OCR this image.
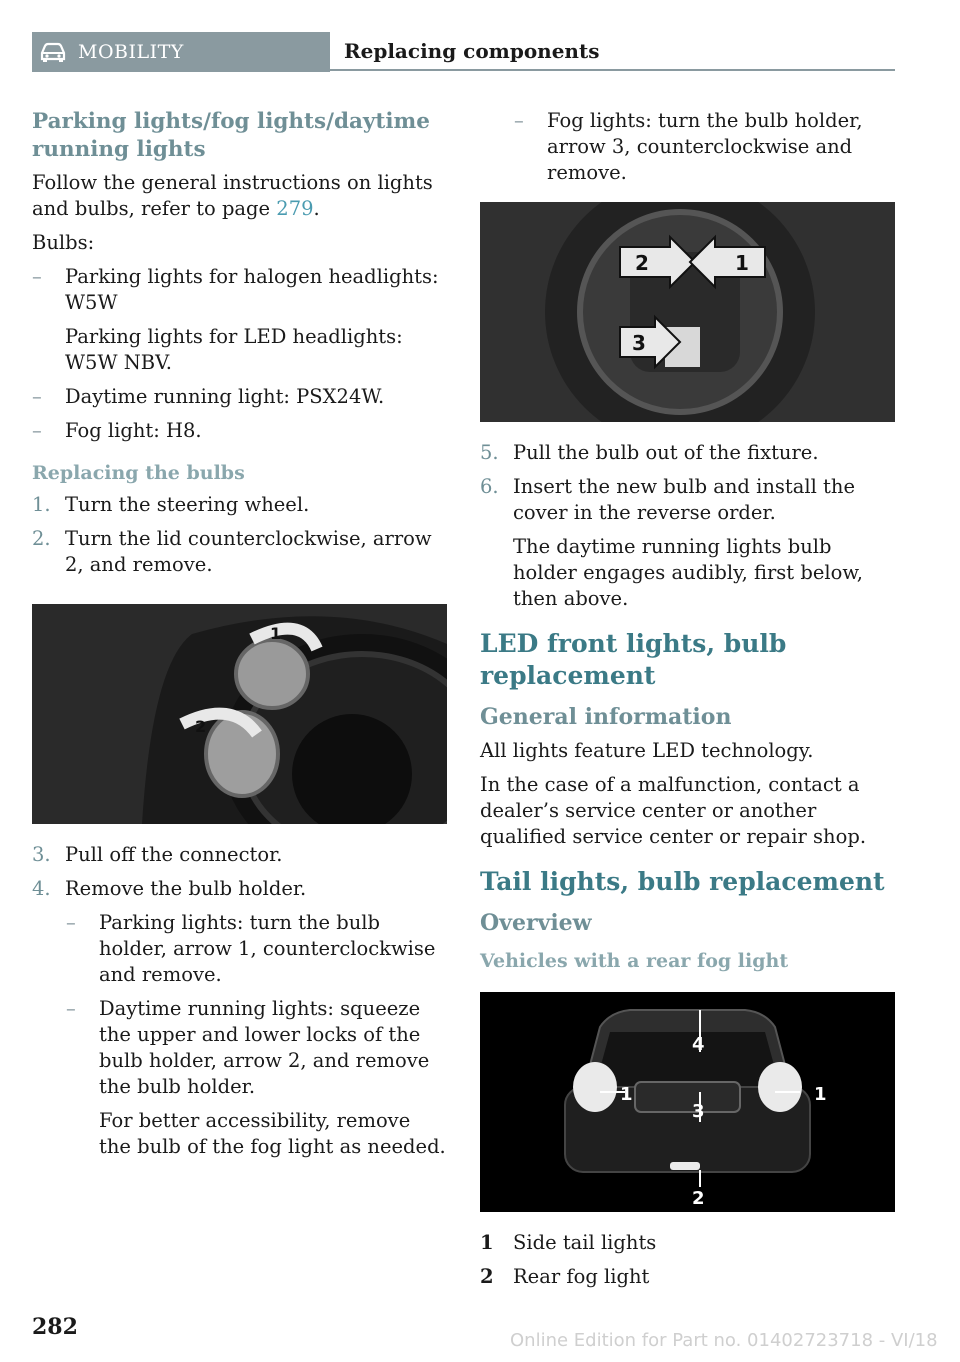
MOBILITY	Replacing components
Parking lights/fog lights/daytime running lights

Follow the general instructions on lights and bulbs, refer to page 279.

Bulbs:

– Parking lights for halogen headlights: W5W
Parking lights for LED headlights: W5W NBV.
– Daytime running light: PSX24W.
– Fog light: H8.
Replacing the bulbs
1. Turn the steering wheel.
2. Turn the lid counterclockwise, arrow 2, and remove.
1
2
3. Pull off the connector.
4. Remove the bulb holder.
– Parking lights: turn the bulb holder, arrow 1, counterclockwise and remove.
– Daytime running lights: squeeze the upper and lower locks of the bulb holder, arrow 2, and remove the bulb holder.
For better accessibility, remove the bulb of the fog light as needed.
– Fog lights: turn the bulb holder, arrow 3, counterclockwise and remove.
2	1
3
5. Pull the bulb out of the fixture.
6. Insert the new bulb and install the cover in the reverse order.
The daytime running lights bulb holder engages audibly, first below, then above.
LED front lights, bulb replacement
General information

All lights feature LED technology.

In the case of a malfunction, contact a dealer’s service center or another qualified service center or repair shop.

Tail lights, bulb replacement
Overview
Vehicles with a rear fog light
4
1
3
1
2
1 Side tail lights
2 Rear fog light
282
Online Edition for Part no. 01402723718 - VI/18
